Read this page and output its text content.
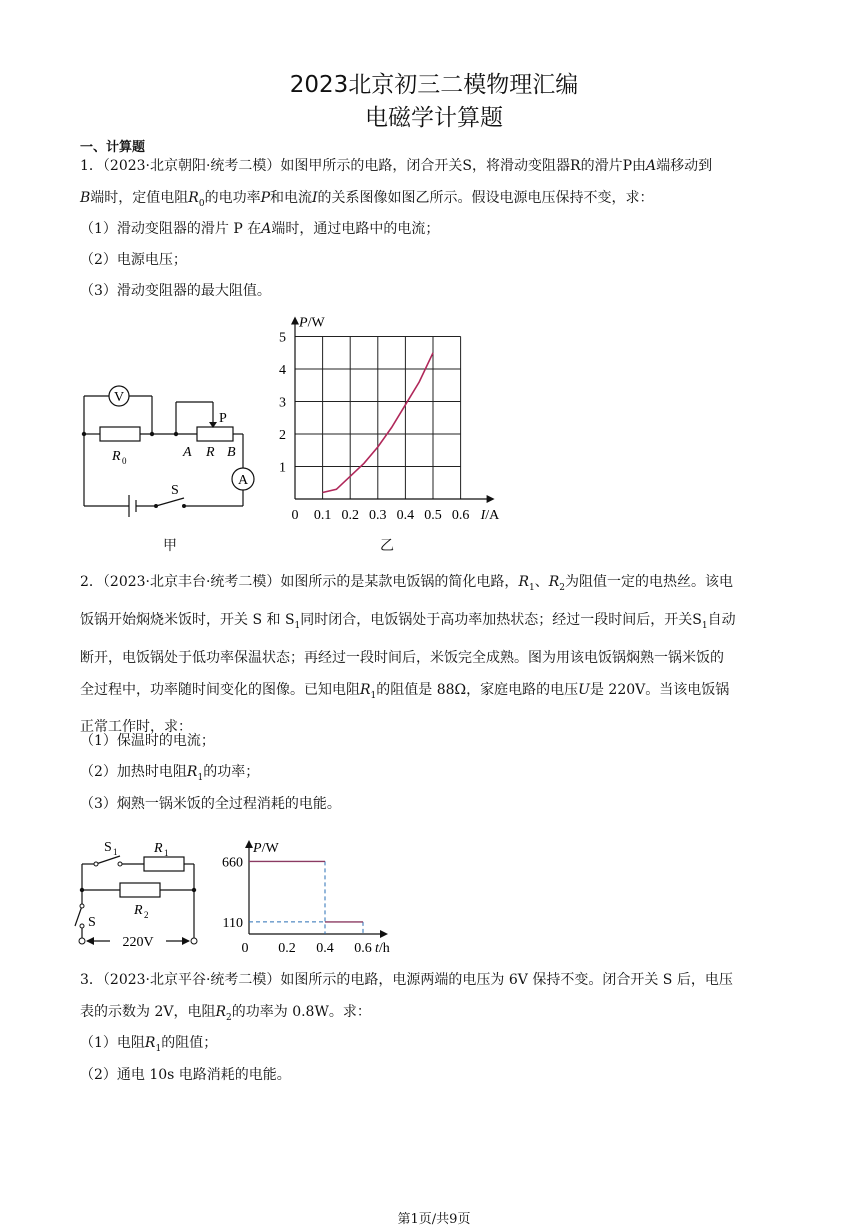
2023北京初三二模物理汇编
电磁学计算题
一、计算题
1．（2023·北京朝阳·统考二模）如图甲所示的电路，闭合开关S，将滑动变阻器R的滑片P由A端移动到
B端时，定值电阻$R_0$的电功率P和电流I的关系图像如图乙所示。假设电源电压保持不变，求：
（1）滑动变阻器的滑片 P 在A端时，通过电路中的电流；
（2）电源电压；
（3）滑动变阻器的最大阻值。
V
A
R 0
P
A R B
S
甲
0 0.1 0.2 0.3 0.4 0.5 0.6
1
2
3
4
5
I/A
P/W
乙
2．（2023·北京丰台·统考二模）如图所示的是某款电饭锅的简化电路，$R_1$、$R_2$为阻值一定的电热丝。该电
饭锅开始焖烧米饭时，开关 S 和 $S_1$同时闭合，电饭锅处于高功率加热状态；经过一段时间后，开关$S_1$自动
断开，电饭锅处于低功率保温状态；再经过一段时间后，米饭完全成熟。图为用该电饭锅焖熟一锅米饭的
全过程中，功率随时间变化的图像。已知电阻$R_1$的阻值是 88Ω，家庭电路的电压U是 220V。当该电饭锅
正常工作时，求：
（1）保温时的电流；
（2）加热时电阻$R_1$的功率；
（3）焖熟一锅米饭的全过程消耗的电能。
S 1	R 1
R 2
S
220V
660
110
0 0.2 0.4 0.6 t/h
P/W
3．（2023·北京平谷·统考二模）如图所示的电路，电源两端的电压为 6V 保持不变。闭合开关 S 后，电压
表的示数为 2V，电阻$R_2$的功率为 0.8W。求：
（1）电阻$R_1$的阻值；
（2）通电 10s 电路消耗的电能。
第1页/共9页
